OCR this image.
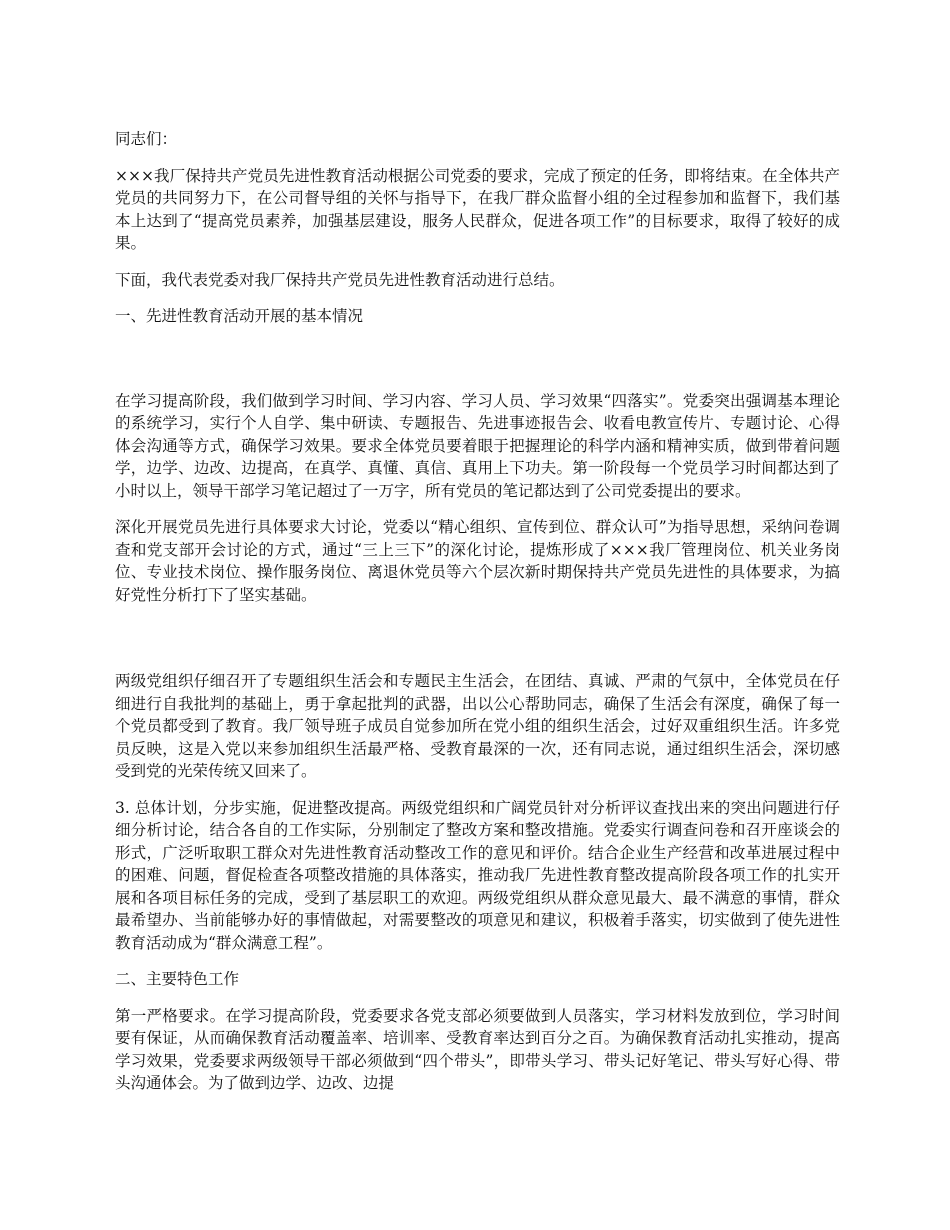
同志们：

×××我厂保持共产党员先进性教育活动根据公司党委的要求，完成了预定的任务，即将结束。在全体共产党员的共同努力下，在公司督导组的关怀与指导下，在我厂群众监督小组的全过程参加和监督下，我们基本上达到了“提高党员素养，加强基层建设，服务人民群众，促进各项工作”的目标要求，取得了较好的成果。

下面，我代表党委对我厂保持共产党员先进性教育活动进行总结。

一、先进性教育活动开展的基本情况

在学习提高阶段，我们做到学习时间、学习内容、学习人员、学习效果“四落实”。党委突出强调基本理论的系统学习，实行个人自学、集中研读、专题报告、先进事迹报告会、收看电教宣传片、专题讨论、心得体会沟通等方式，确保学习效果。要求全体党员要着眼于把握理论的科学内涵和精神实质，做到带着问题学，边学、边改、边提高，在真学、真懂、真信、真用上下功夫。第一阶段每一个党员学习时间都达到了小时以上，领导干部学习笔记超过了一万字，所有党员的笔记都达到了公司党委提出的要求。

深化开展党员先进行具体要求大讨论，党委以“精心组织、宣传到位、群众认可”为指导思想，采纳问卷调查和党支部开会讨论的方式，通过“三上三下”的深化讨论，提炼形成了×××我厂管理岗位、机关业务岗位、专业技术岗位、操作服务岗位、离退休党员等六个层次新时期保持共产党员先进性的具体要求，为搞好党性分析打下了坚实基础。

两级党组织仔细召开了专题组织生活会和专题民主生活会，在团结、真诚、严肃的气氛中，全体党员在仔细进行自我批判的基础上，勇于拿起批判的武器，出以公心帮助同志，确保了生活会有深度，确保了每一个党员都受到了教育。我厂领导班子成员自觉参加所在党小组的组织生活会，过好双重组织生活。许多党员反映，这是入党以来参加组织生活最严格、受教育最深的一次，还有同志说，通过组织生活会，深切感受到党的光荣传统又回来了。

3. 总体计划，分步实施，促进整改提高。两级党组织和广阔党员针对分析评议查找出来的突出问题进行仔细分析讨论，结合各自的工作实际，分别制定了整改方案和整改措施。党委实行调查问卷和召开座谈会的形式，广泛听取职工群众对先进性教育活动整改工作的意见和评价。结合企业生产经营和改革进展过程中的困难、问题，督促检查各项整改措施的具体落实，推动我厂先进性教育整改提高阶段各项工作的扎实开展和各项目标任务的完成，受到了基层职工的欢迎。两级党组织从群众意见最大、最不满意的事情，群众最希望办、当前能够办好的事情做起，对需要整改的项意见和建议，积极着手落实，切实做到了使先进性教育活动成为“群众满意工程”。

二、主要特色工作

第一严格要求。在学习提高阶段，党委要求各党支部必须要做到人员落实，学习材料发放到位，学习时间要有保证，从而确保教育活动覆盖率、培训率、受教育率达到百分之百。为确保教育活动扎实推动，提高学习效果，党委要求两级领导干部必须做到“四个带头”，即带头学习、带头记好笔记、带头写好心得、带头沟通体会。为了做到边学、边改、边提
